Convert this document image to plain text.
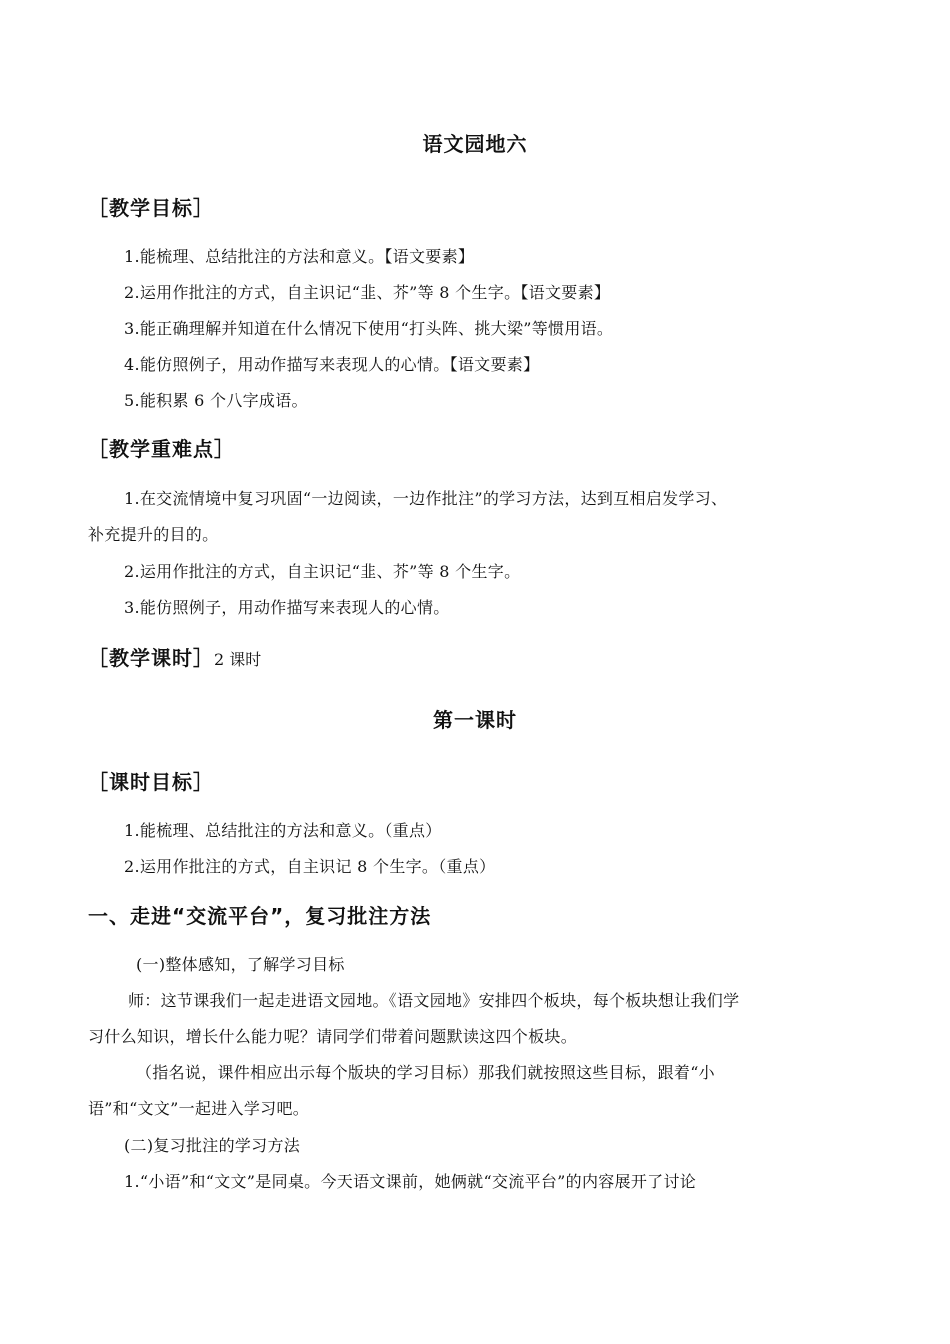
语文园地六
［教学目标］
1.能梳理、总结批注的方法和意义。【语文要素】
2.运用作批注的方式，自主识记“韭、芥”等 8 个生字。【语文要素】
3.能正确理解并知道在什么情况下使用“打头阵、挑大梁”等惯用语。
4.能仿照例子，用动作描写来表现人的心情。【语文要素】
5.能积累 6 个八字成语。
［教学重难点］
1.在交流情境中复习巩固“一边阅读，一边作批注”的学习方法，达到互相启发学习、
补充提升的目的。
2.运用作批注的方式，自主识记“韭、芥”等 8 个生字。
3.能仿照例子，用动作描写来表现人的心情。
［教学课时］2 课时
第一课时
［课时目标］
1.能梳理、总结批注的方法和意义。（重点）
2.运用作批注的方式，自主识记 8 个生字。（重点）
一、走进“交流平台”，复习批注方法
(一)整体感知，了解学习目标
师：这节课我们一起走进语文园地。《语文园地》安排四个板块，每个板块想让我们学
习什么知识，增长什么能力呢？请同学们带着问题默读这四个板块。
（指名说，课件相应出示每个版块的学习目标）那我们就按照这些目标，跟着“小
语”和“文文”一起进入学习吧。
(二)复习批注的学习方法
1.“小语”和“文文”是同桌。今天语文课前，她俩就“交流平台”的内容展开了讨论
